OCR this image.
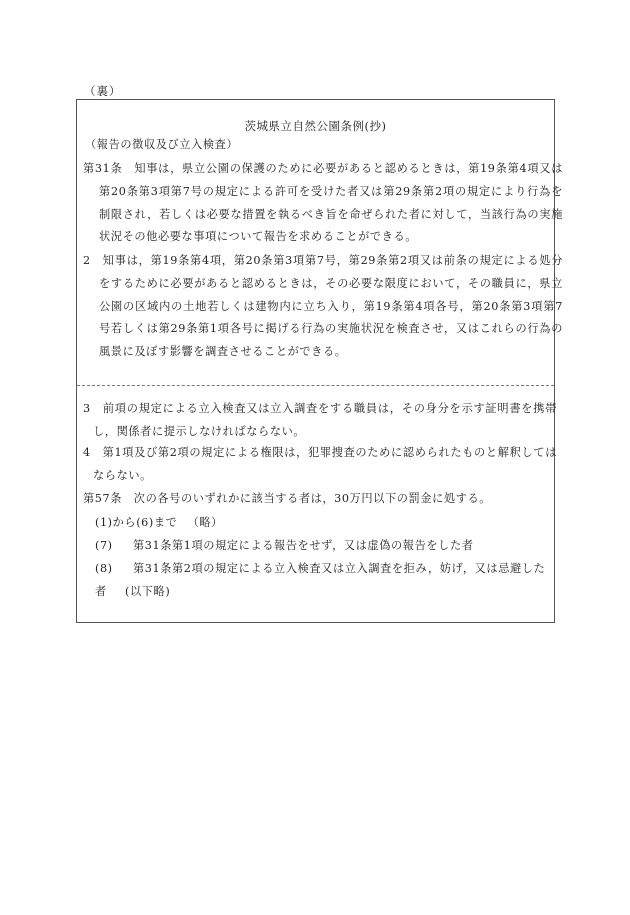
（裏）
茨城県立自然公園条例(抄)

（報告の徴収及び立入検査）

第31条　知事は，県立公園の保護のために必要があると認めるときは，第19条第4項又は第20条第3項第7号の規定による許可を受けた者又は第29条第2項の規定により行為を制限され，若しくは必要な措置を執るべき旨を命ぜられた者に対して，当該行為の実施状況その他必要な事項について報告を求めることができる。

2　知事は，第19条第4項，第20条第3項第7号，第29条第2項又は前条の規定による処分をするために必要があると認めるときは，その必要な限度において，その職員に，県立公園の区域内の土地若しくは建物内に立ち入り，第19条第4項各号，第20条第3項第7号若しくは第29条第1項各号に掲げる行為の実施状況を検査させ，又はこれらの行為の風景に及ぼす影響を調査させることができる。

3　前項の規定による立入検査又は立入調査をする職員は，その身分を示す証明書を携帯し，関係者に提示しなければならない。

4　第1項及び第2項の規定による権限は，犯罪捜査のために認められたものと解釈してはならない。

第57条　次の各号のいずれかに該当する者は，30万円以下の罰金に処する。

(1)から(6)まで （略）
(7) 第31条第1項の規定による報告をせず，又は虚偽の報告をした者
(8) 第31条第2項の規定による立入検査又は立入調査を拒み，妨げ，又は忌避した者	(以下略)
